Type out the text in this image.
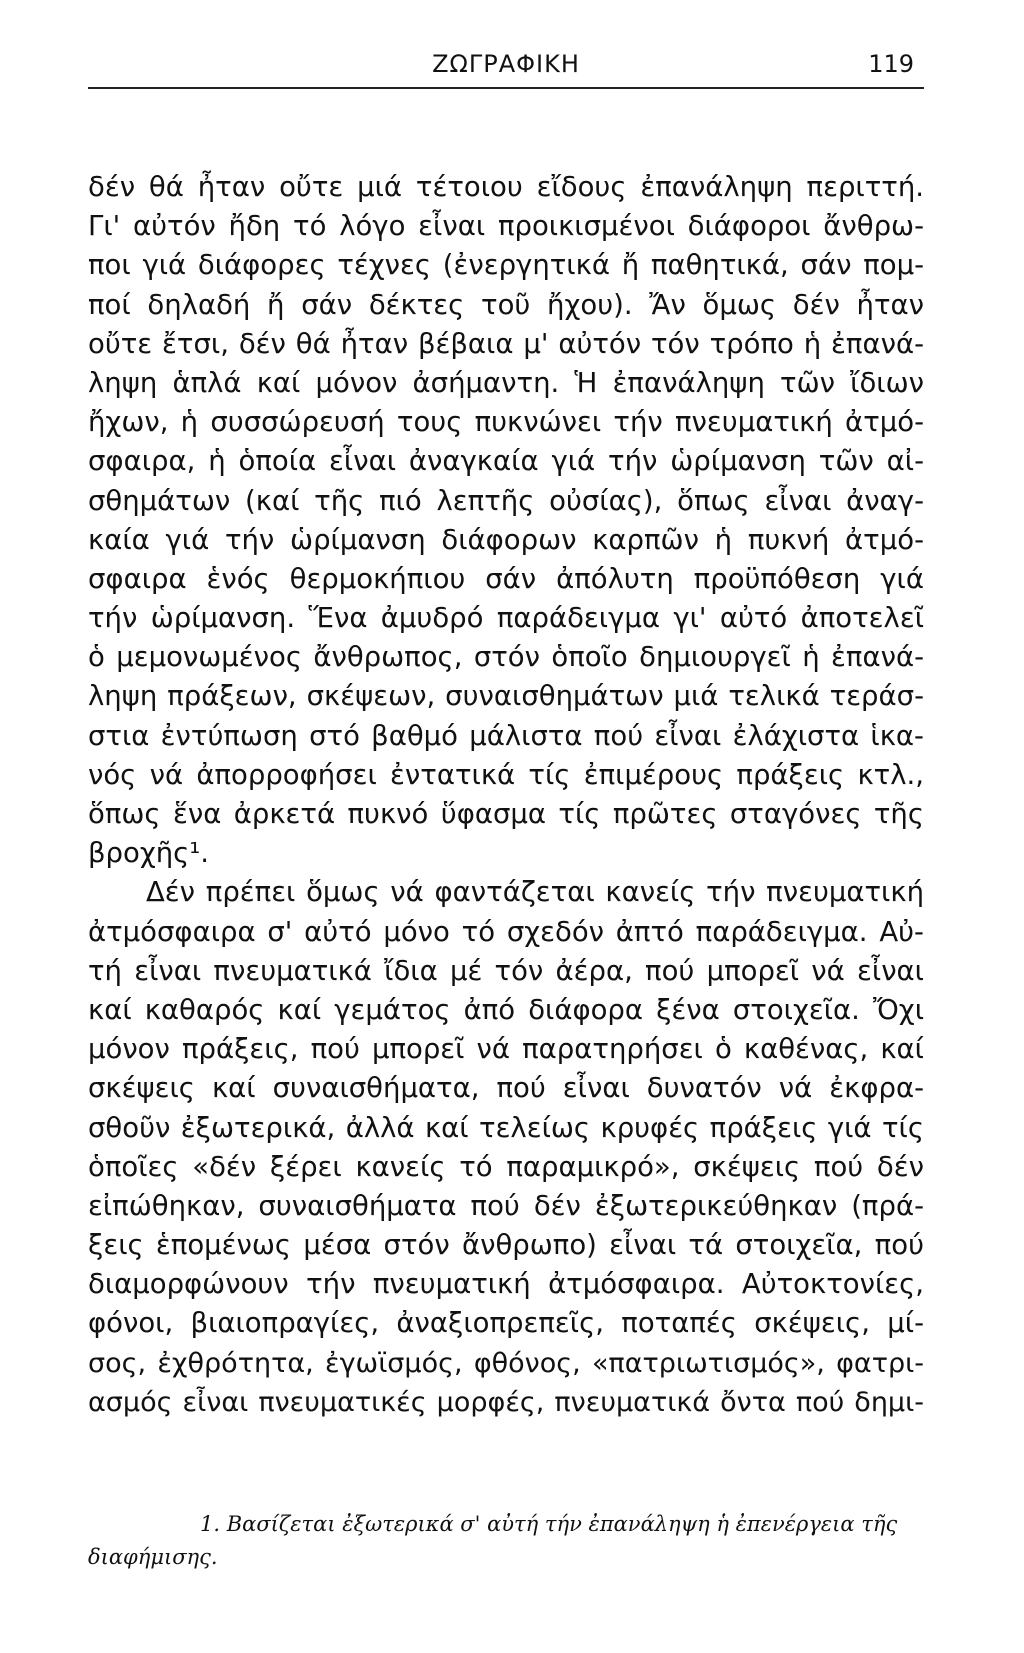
ΖΩΓΡΑΦΙΚΗ	119
δέν θά ἦταν οὔτε μιά τέτοιου εἴδους ἐπανάληψη περιττή.
Γι' αὐτόν ἤδη τό λόγο εἶναι προικισμένοι διάφοροι ἄνθρω-
ποι γιά διάφορες τέχνες (ἐνεργητικά ἤ παθητικά, σάν πομ-
ποί δηλαδή ἤ σάν δέκτες τοῦ ἤχου). Ἄν ὅμως δέν ἦταν
οὔτε ἔτσι, δέν θά ἦταν βέβαια μ' αὐτόν τόν τρόπο ἡ ἐπανά-
ληψη ἁπλά καί μόνον ἀσήμαντη. Ἡ ἐπανάληψη τῶν ἴδιων
ἤχων, ἡ συσσώρευσή τους πυκνώνει τήν πνευματική ἀτμό-
σφαιρα, ἡ ὁποία εἶναι ἀναγκαία γιά τήν ὡρίμανση τῶν αἰ-
σθημάτων (καί τῆς πιό λεπτῆς οὐσίας), ὅπως εἶναι ἀναγ-
καία γιά τήν ὡρίμανση διάφορων καρπῶν ἡ πυκνή ἀτμό-
σφαιρα ἑνός θερμοκήπιου σάν ἀπόλυτη προϋπόθεση γιά
τήν ὡρίμανση. Ἕνα ἀμυδρό παράδειγμα γι' αὐτό ἀποτελεῖ
ὁ μεμονωμένος ἄνθρωπος, στόν ὁποῖο δημιουργεῖ ἡ ἐπανά-
ληψη πράξεων, σκέψεων, συναισθημάτων μιά τελικά τεράσ-
στια ἐντύπωση στό βαθμό μάλιστα πού εἶναι ἐλάχιστα ἱκα-
νός νά ἀπορροφήσει ἐντατικά τίς ἐπιμέρους πράξεις κτλ.,
ὅπως ἕνα ἀρκετά πυκνό ὕφασμα τίς πρῶτες σταγόνες τῆς
βροχῆς¹.
Δέν πρέπει ὅμως νά φαντάζεται κανείς τήν πνευματική
ἀτμόσφαιρα σ' αὐτό μόνο τό σχεδόν ἀπτό παράδειγμα. Αὐ-
τή εἶναι πνευματικά ἴδια μέ τόν ἀέρα, πού μπορεῖ νά εἶναι
καί καθαρός καί γεμάτος ἀπό διάφορα ξένα στοιχεῖα. Ὄχι
μόνον πράξεις, πού μπορεῖ νά παρατηρήσει ὁ καθένας, καί
σκέψεις καί συναισθήματα, πού εἶναι δυνατόν νά ἐκφρα-
σθοῦν ἐξωτερικά, ἀλλά καί τελείως κρυφές πράξεις γιά τίς
ὁποῖες «δέν ξέρει κανείς τό παραμικρό», σκέψεις πού δέν
εἰπώθηκαν, συναισθήματα πού δέν ἐξωτερικεύθηκαν (πρά-
ξεις ἑπομένως μέσα στόν ἄνθρωπο) εἶναι τά στοιχεῖα, πού
διαμορφώνουν τήν πνευματική ἀτμόσφαιρα. Αὐτοκτονίες,
φόνοι, βιαιοπραγίες, ἀναξιοπρεπεῖς, ποταπές σκέψεις, μί-
σος, ἐχθρότητα, ἐγωϊσμός, φθόνος, «πατριωτισμός», φατρι-
ασμός εἶναι πνευματικές μορφές, πνευματικά ὄντα πού δημι-
1. Βασίζεται ἐξωτερικά σ' αὐτή τήν ἐπανάληψη ἡ ἐπενέργεια τῆς
διαφήμισης.
